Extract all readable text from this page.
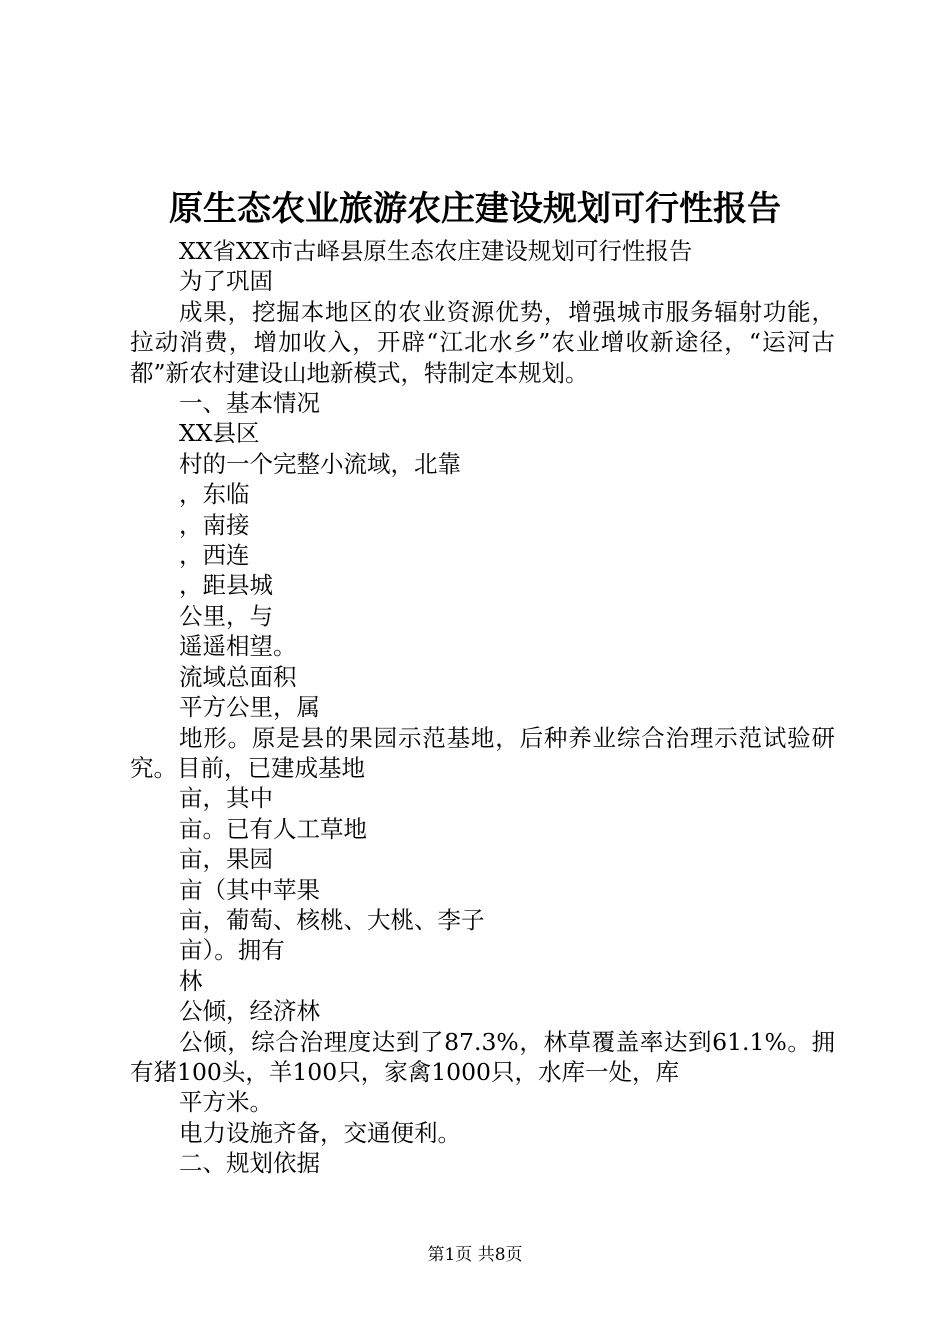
原生态农业旅游农庄建设规划可行性报告

XX省XX市古峄县原生态农庄建设规划可行性报告

为了巩固

成果，挖掘本地区的农业资源优势，增强城市服务辐射功能，拉动消费，增加收入，开辟“江北水乡”农业增收新途径，“运河古都”新农村建设山地新模式，特制定本规划。

一、基本情况

XX县区

村的一个完整小流域，北靠

，东临

，南接

，西连

，距县城

公里，与

遥遥相望。

流域总面积

平方公里，属

地形。原是县的果园示范基地，后种养业综合治理示范试验研究。目前，已建成基地

亩，其中

亩。已有人工草地

亩，果园

亩（其中苹果

亩，葡萄、核桃、大桃、李子

亩）。拥有

林

公倾，经济林

公倾，综合治理度达到了87.3%，林草覆盖率达到61.1%。拥有猪100头，羊100只，家禽1000只，水库一处，库

平方米。

电力设施齐备，交通便利。

二、规划依据

第1页 共8页
